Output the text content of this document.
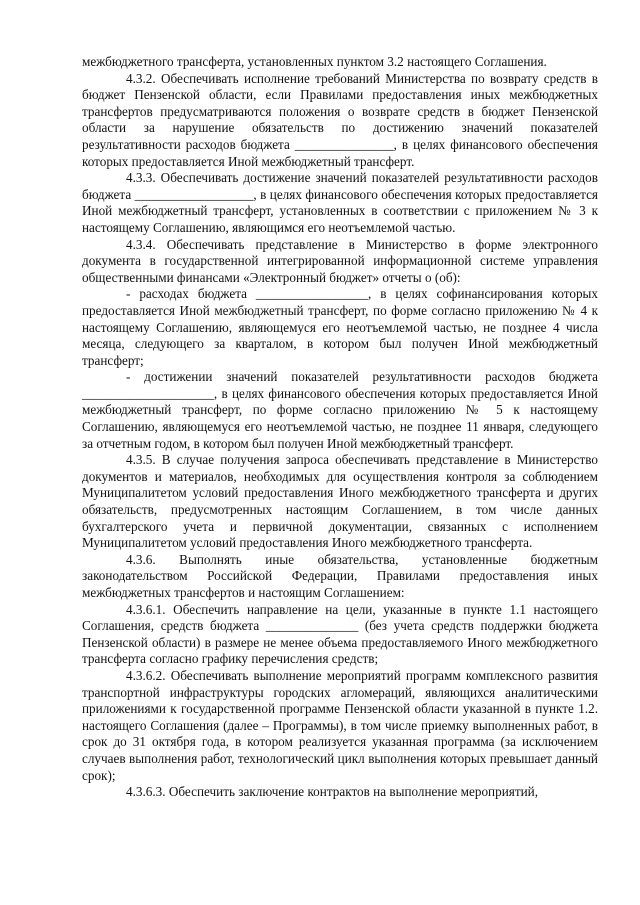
межбюджетного трансферта, установленных пунктом 3.2 настоящего Соглашения.

4.3.2. Обеспечивать исполнение требований Министерства по возврату средств в бюджет Пензенской области, если Правилами предоставления иных межбюджетных трансфертов предусматриваются положения о возврате средств в бюджет Пензенской области за нарушение обязательств по достижению значений показателей результативности расходов бюджета _______________, в целях финансового обеспечения которых предоставляется Иной межбюджетный трансферт.

4.3.3. Обеспечивать достижение значений показателей результативности расходов бюджета __________________, в целях финансового обеспечения которых предоставляется Иной межбюджетный трансферт, установленных в соответствии с приложением № 3 к настоящему Соглашению, являющимся его неотъемлемой частью.

4.3.4. Обеспечивать представление в Министерство в форме электронного документа в государственной интегрированной информационной системе управления общественными финансами «Электронный бюджет» отчеты о (об):

- расходах бюджета _________________, в целях софинансирования которых предоставляется Иной межбюджетный трансферт, по форме согласно приложению № 4 к настоящему Соглашению, являющемуся его неотъемлемой частью, не позднее 4 числа месяца, следующего за кварталом, в котором был получен Иной межбюджетный трансферт;

- достижении значений показателей результативности расходов бюджета ____________________, в целях финансового обеспечения которых предоставляется Иной межбюджетный трансферт, по форме согласно приложению № 5 к настоящему Соглашению, являющемуся его неотъемлемой частью, не позднее 11 января, следующего за отчетным годом, в котором был получен Иной межбюджетный трансферт.

4.3.5. В случае получения запроса обеспечивать представление в Министерство документов и материалов, необходимых для осуществления контроля за соблюдением Муниципалитетом условий предоставления Иного межбюджетного трансферта и других обязательств, предусмотренных настоящим Соглашением, в том числе данных бухгалтерского учета и первичной документации, связанных с исполнением Муниципалитетом условий предоставления Иного межбюджетного трансферта.

4.3.6. Выполнять иные обязательства, установленные бюджетным законодательством Российской Федерации, Правилами предоставления иных межбюджетных трансфертов и настоящим Соглашением:

4.3.6.1. Обеспечить направление на цели, указанные в пункте 1.1 настоящего Соглашения, средств бюджета ______________ (без учета средств поддержки бюджета Пензенской области) в размере не менее объема предоставляемого Иного межбюджетного трансферта согласно графику перечисления средств;

4.3.6.2. Обеспечивать выполнение мероприятий программ комплексного развития транспортной инфраструктуры городских агломераций, являющихся аналитическими приложениями к государственной программе Пензенской области указанной в пункте 1.2. настоящего Соглашения (далее – Программы), в том числе приемку выполненных работ, в срок до 31 октября года, в котором реализуется указанная программа (за исключением случаев выполнения работ, технологический цикл выполнения которых превышает данный срок);

4.3.6.3. Обеспечить заключение контрактов на выполнение мероприятий,
